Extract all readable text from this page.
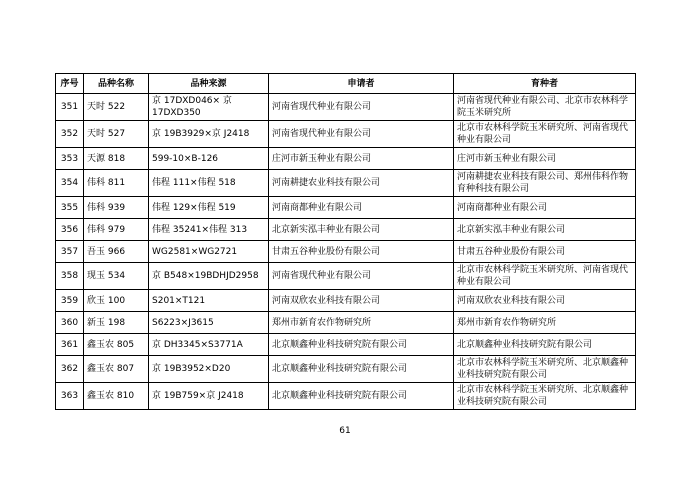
序号	品种名称	品种来源	申请者	育种者
351	天时 522	京 17DXD046× 京 17DXD350	河南省现代种业有限公司	河南省现代种业有限公司、北京市农林科学院玉米研究所
352	天时 527	京 19B3929×京 J2418	河南省现代种业有限公司	北京市农林科学院玉米研究所、河南省现代种业有限公司
353	天源 818	599-10×B-126	庄河市新玉种业有限公司	庄河市新玉种业有限公司
354	伟科 811	伟程 111×伟程 518	河南耕捷农业科技有限公司	河南耕捷农业科技有限公司、郑州伟科作物育种科技有限公司
355	伟科 939	伟程 129×伟程 519	河南商都种业有限公司	河南商都种业有限公司
356	伟科 979	伟程 35241×伟程 313	北京新实泓丰种业有限公司	北京新实泓丰种业有限公司
357	吾玉 966	WG2581×WG2721	甘肃五谷种业股份有限公司	甘肃五谷种业股份有限公司
358	现玉 534	京 B548×19BDHJD2958	河南省现代种业有限公司	北京市农林科学院玉米研究所、河南省现代种业有限公司
359	欣玉 100	S201×T121	河南双欣农业科技有限公司	河南双欣农业科技有限公司
360	新玉 198	S6223×J3615	郑州市新育农作物研究所	郑州市新育农作物研究所
361	鑫玉农 805	京 DH3345×S3771A	北京顺鑫种业科技研究院有限公司	北京顺鑫种业科技研究院有限公司
362	鑫玉农 807	京 19B3952×D20	北京顺鑫种业科技研究院有限公司	北京市农林科学院玉米研究所、北京顺鑫种业科技研究院有限公司
363	鑫玉农 810	京 19B759×京 J2418	北京顺鑫种业科技研究院有限公司	北京市农林科学院玉米研究所、北京顺鑫种业科技研究院有限公司
61
